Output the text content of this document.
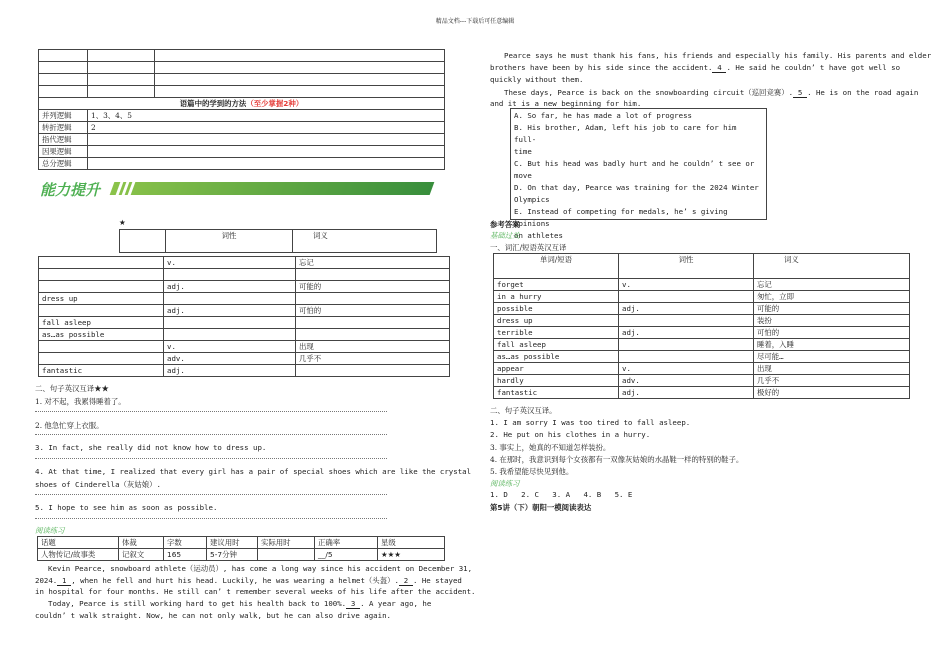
精品文档---下载后可任意编辑

语篇中的学到的方法（至少掌握2种）		
并列逻辑	1、3、4、5	
转折逻辑	2	
指代逻辑		
因果逻辑		
总分逻辑		
能力提升
★
	词性	词义
	v.	忘记

	adj.	可能的
dress up		
	adj.	可怕的
fall asleep		
as…as possible		
	v.	出现
	adv.	几乎不
fantastic	adj.	
二、句子英汉互译★★
1. 对不起，我累得睡着了。
2. 他急忙穿上衣服。
3. In fact, she really did not know how to dress up.
4. At that time, I realized that every girl has a pair of special shoes which are like the crystal
shoes of Cinderella（灰姑娘）.
5. I hope to see him as soon as possible.
阅读练习
话题	体裁	字数	建议用时	实际用时	正确率	星级
人物传记/故事类	记叙文	165	5-7分钟		__/5	★★★
Kevin Pearce, snowboard athlete（运动员）, has come a long way since his accident on December 31,
2024. 1 , when he fell and hurt his head. Luckily, he was wearing a helmet（头盔）. 2 . He stayed
in hospital for four months. He still can’ t remember several weeks of his life after the accident.
Today, Pearce is still working hard to get his health back to 100%. 3 . A year ago, he
couldn’ t walk straight. Now, he can not only walk, but he can also drive again.
Pearce says he must thank his fans, his friends and especially his family. His parents and elder
brothers have been by his side since the accident. 4 . He said he couldn’ t have got well so
quickly without them.
These days, Pearce is back on the snowboarding circuit（巡回竞赛）. 5 . He is on the road again
and it is a new beginning for him.
A. So far, he has made a lot of progress
B. His brother, Adam, left his job to care for him full-
time
C. But his head was badly hurt and he couldn’ t see or
move
D. On that day, Pearce was training for the 2024 Winter
Olympics
E. Instead of competing for medals, he’ s giving opinions
on athletes
参考答案
基础过关
一、词汇/短语英汉互译
单词/短语	词性	词义
forget	v.	忘记
in a hurry		匆忙，立即
possible	adj.	可能的
dress up		装扮
terrible	adj.	可怕的
fall asleep		睡着，入睡
as…as possible		尽可能…
appear	v.	出现
hardly	adv.	几乎不
fantastic	adj.	极好的
二、句子英汉互译。
1. I am sorry I was too tired to fall asleep.
2. He put on his clothes in a hurry.
3. 事实上，她真的不知道怎样装扮。
4. 在那时，我意识到每个女孩都有一双像灰姑娘的水晶鞋一样的特别的鞋子。
5. 我希望能尽快见到他。
阅读练习
1. D   2. C   3. A   4. B   5. E
第5讲（下）朝阳一模阅读表达
